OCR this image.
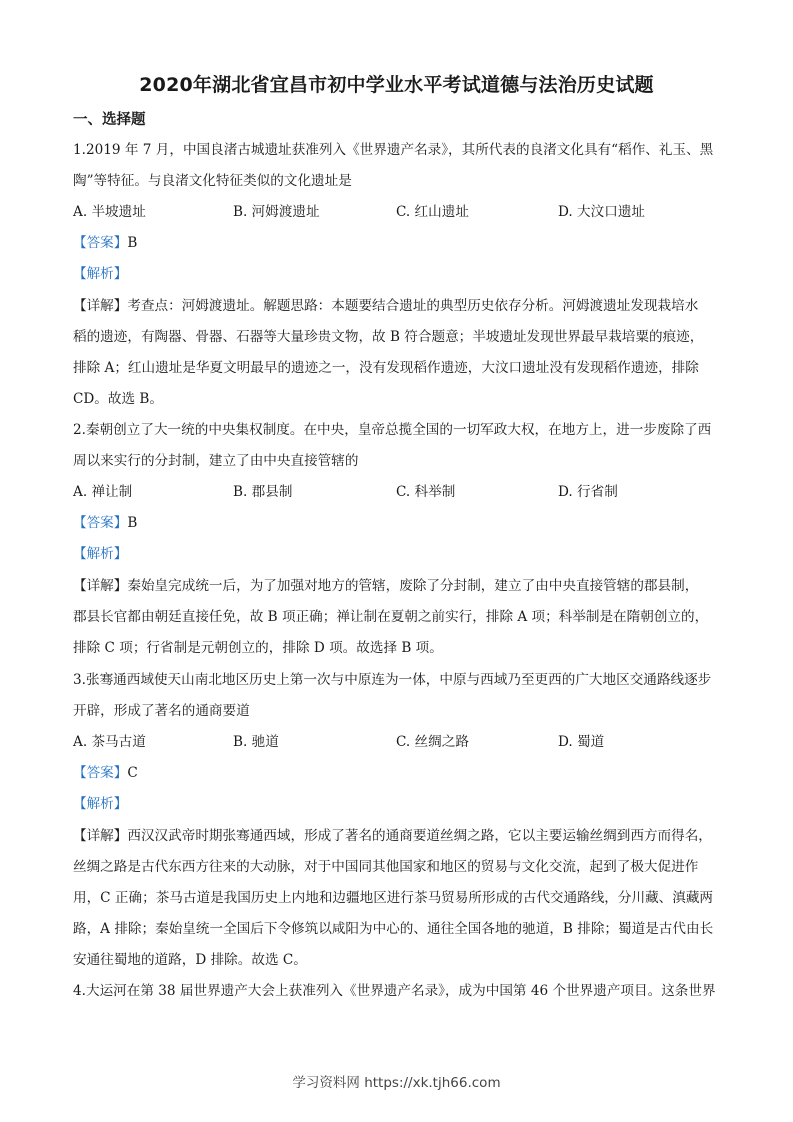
2020年湖北省宜昌市初中学业水平考试道德与法治历史试题
一、选择题
1.2019 年 7 月，中国良渚古城遗址获准列入《世界遗产名录》，其所代表的良渚文化具有“稻作、礼玉、黑
陶”等特征。与良渚文化特征类似的文化遗址是
A. 半坡遗址	B. 河姆渡遗址	C. 红山遗址	D. 大汶口遗址
【答案】B
【解析】
【详解】考查点：河姆渡遗址。解题思路：本题要结合遗址的典型历史依存分析。河姆渡遗址发现栽培水
稻的遗迹，有陶器、骨器、石器等大量珍贵文物，故 B 符合题意；半坡遗址发现世界最早栽培粟的痕迹，
排除 A；红山遗址是华夏文明最早的遗迹之一，没有发现稻作遗迹，大汶口遗址没有发现稻作遗迹，排除
CD。故选 B。
2.秦朝创立了大一统的中央集权制度。在中央，皇帝总揽全国的一切军政大权，在地方上，进一步废除了西
周以来实行的分封制，建立了由中央直接管辖的
A. 禅让制	B. 郡县制	C. 科举制	D. 行省制
【答案】B
【解析】
【详解】秦始皇完成统一后，为了加强对地方的管辖，废除了分封制，建立了由中央直接管辖的郡县制，
郡县长官都由朝廷直接任免，故 B 项正确；禅让制在夏朝之前实行，排除 A 项；科举制是在隋朝创立的，
排除 C 项；行省制是元朝创立的，排除 D 项。故选择 B 项。
3.张骞通西域使天山南北地区历史上第一次与中原连为一体，中原与西域乃至更西的广大地区交通路线逐步
开辟，形成了著名的通商要道
A. 茶马古道	B. 驰道	C. 丝绸之路	D. 蜀道
【答案】C
【解析】
【详解】西汉汉武帝时期张骞通西域，形成了著名的通商要道丝绸之路，它以主要运输丝绸到西方而得名，
丝绸之路是古代东西方往来的大动脉，对于中国同其他国家和地区的贸易与文化交流，起到了极大促进作
用，C 正确；茶马古道是我国历史上内地和边疆地区进行茶马贸易所形成的古代交通路线，分川藏、滇藏两
路，A 排除；秦始皇统一全国后下令修筑以咸阳为中心的、通往全国各地的驰道，B 排除；蜀道是古代由长
安通往蜀地的道路，D 排除。故选 C。
4.大运河在第 38 届世界遗产大会上获准列入《世界遗产名录》，成为中国第 46 个世界遗产项目。这条世界
学习资料网 https://xk.tjh66.com
